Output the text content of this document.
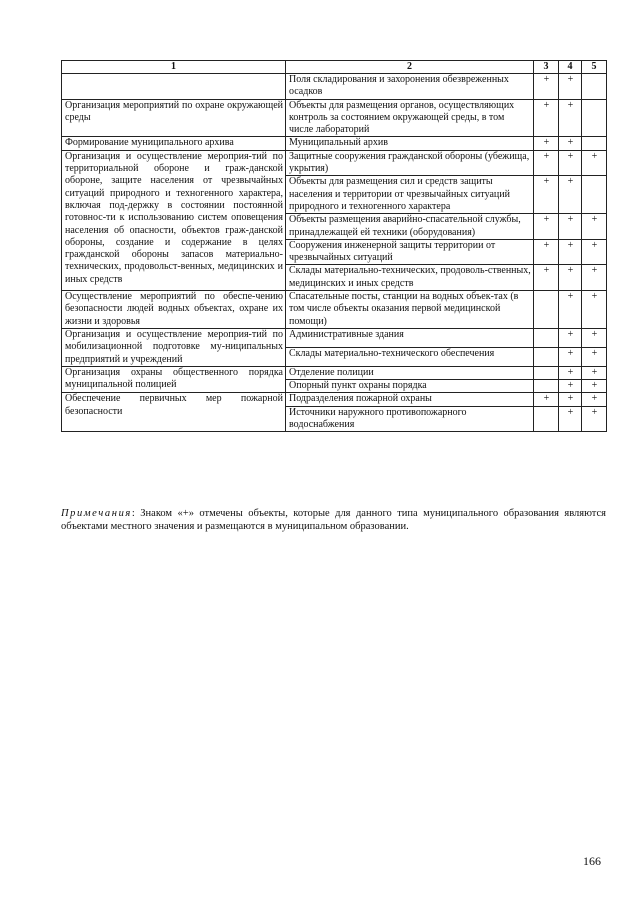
1	2	3	4	5
	Поля складирования и захоронения обезвреженных осадков	+	+	
Организация мероприятий по охране окружающей среды	Объекты для размещения органов, осуществляющих контроль за состоянием окружающей среды, в том числе лабораторий	+	+	
Формирование муниципального архива	Муниципальный архив	+	+	
Организация и осуществление мероприя-тий по территориальной обороне и граж-данской обороне, защите населения от чрезвычайных ситуаций природного и техногенного характера, включая под-держку в состоянии постоянной готовнос-ти к использованию систем оповещения населения об опасности, объектов граж-данской обороны, создание и содержание в целях гражданской обороны запасов материально-технических, продовольст-венных, медицинских и иных средств	Защитные сооружения гражданской обороны (убежища, укрытия)	+	+	+
	Объекты для размещения сил и средств защиты населения и территории от чрезвычайных ситуаций природного и техногенного характера	+	+	
	Объекты размещения аварийно-спасательной службы, принадлежащей ей техники (оборудования)	+	+	+
	Сооружения инженерной защиты территории от чрезвычайных ситуаций	+	+	+
	Склады материально-технических, продоволь-ственных, медицинских и иных средств	+	+	+
Осуществление мероприятий по обеспе-чению безопасности людей водных объектах, охране их жизни и здоровья	Спасательные посты, станции на водных объек-тах (в том числе объекты оказания первой медицинской помощи)		+	+
Организация и осуществление мероприя-тий по мобилизационной подготовке му-ниципальных предприятий и учреждений	Административные здания		+	+
	Склады материально-технического обеспечения		+	+
Организация охраны общественного порядка муниципальной полицией	Отделение полиции		+	+
	Опорный пункт охраны порядка		+	+
Обеспечение первичных мер пожарной безопасности	Подразделения пожарной охраны	+	+	+
	Источники наружного противопожарного водоснабжения		+	+
Примечания: Знаком «+» отмечены объекты, которые для данного типа муниципального образования являются объектами местного значения и размещаются в муниципальном образовании.
166
